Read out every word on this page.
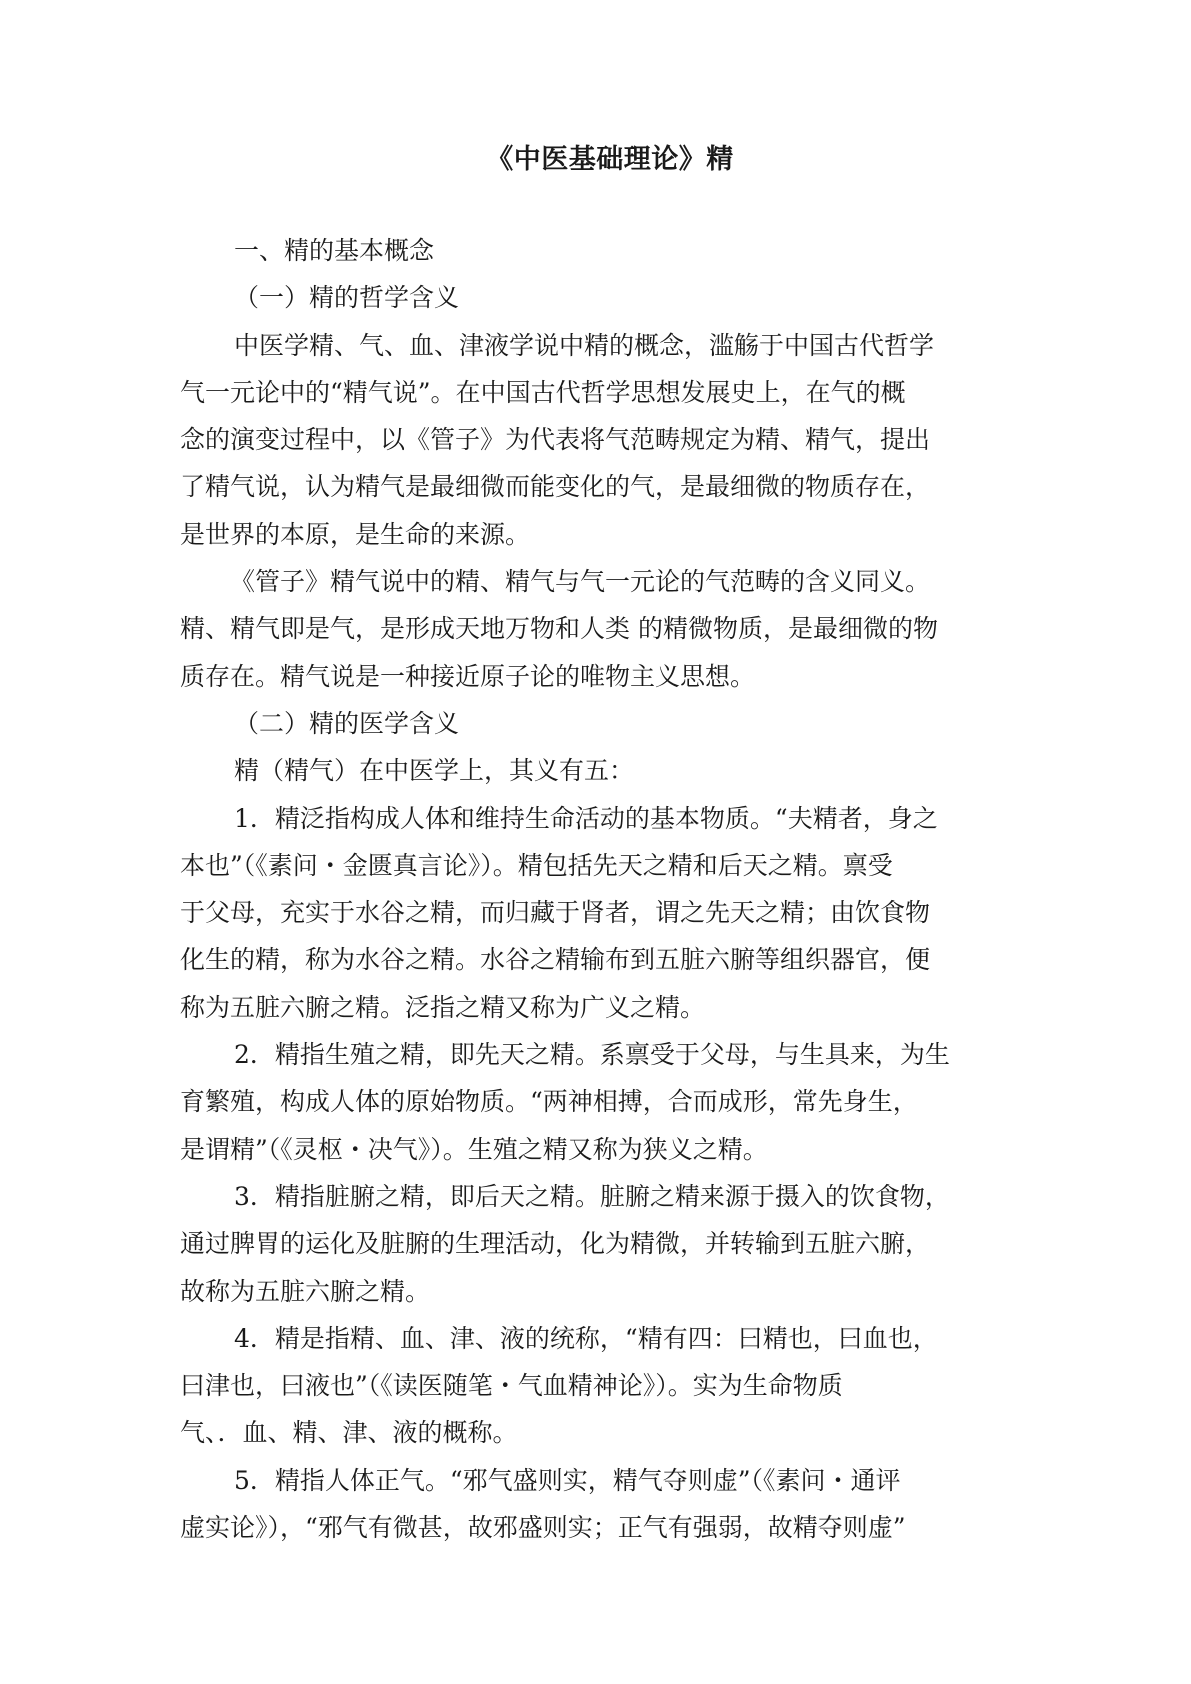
《中医基础理论》精

一、精的基本概念

（一）精的哲学含义

中医学精、气、血、津液学说中精的概念，滥觞于中国古代哲学

气一元论中的“精气说”。在中国古代哲学思想发展史上，在气的概

念的演变过程中，以《管子》为代表将气范畴规定为精、精气，提出

了精气说，认为精气是最细微而能变化的气，是最细微的物质存在，

是世界的本原，是生命的来源。

《管子》精气说中的精、精气与气一元论的气范畴的含义同义。

精、精气即是气，是形成天地万物和人类 的精微物质，是最细微的物

质存在。精气说是一种接近原子论的唯物主义思想。

（二）精的医学含义

精（精气）在中医学上，其义有五：

1．精泛指构成人体和维持生命活动的基本物质。“夫精者，身之

本也”（《素问・金匮真言论》）。精包括先天之精和后天之精。禀受

于父母，充实于水谷之精，而归藏于肾者，谓之先天之精；由饮食物

化生的精，称为水谷之精。水谷之精输布到五脏六腑等组织器官，便

称为五脏六腑之精。泛指之精又称为广义之精。

2．精指生殖之精，即先天之精。系禀受于父母，与生具来，为生

育繁殖，构成人体的原始物质。“两神相搏，合而成形，常先身生，

是谓精”（《灵枢・决气》）。生殖之精又称为狭义之精。

3．精指脏腑之精，即后天之精。脏腑之精来源于摄入的饮食物，

通过脾胃的运化及脏腑的生理活动，化为精微，并转输到五脏六腑，

故称为五脏六腑之精。

4．精是指精、血、津、液的统称，“精有四：曰精也，曰血也，

曰津也，曰液也”（《读医随笔・气血精神论》）。实为生命物质

气、．血、精、津、液的概称。

5．精指人体正气。“邪气盛则实，精气夺则虚”（《素问・通评

虚实论》），“邪气有微甚，故邪盛则实；正气有强弱，故精夺则虚”
